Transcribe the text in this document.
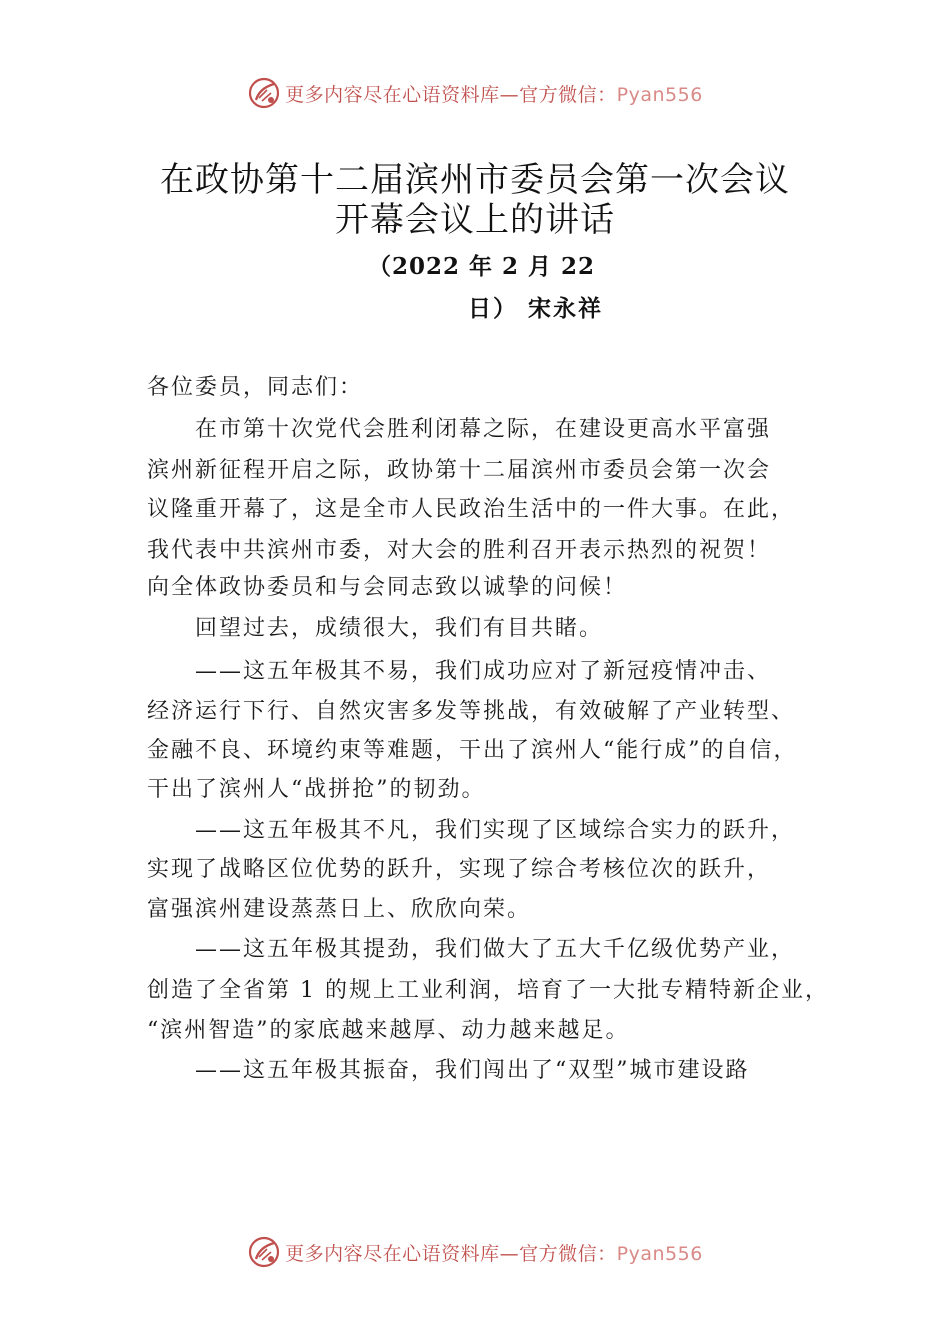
更多内容尽在心语资料库—官方微信：Pyan556
在政协第十二届滨州市委员会第一次会议
开幕会议上的讲话
（2022 年 2 月 22
日） 宋永祥
各位委员，同志们：
　　在市第十次党代会胜利闭幕之际，在建设更高水平富强
滨州新征程开启之际，政协第十二届滨州市委员会第一次会
议隆重开幕了，这是全市人民政治生活中的一件大事。在此，
我代表中共滨州市委，对大会的胜利召开表示热烈的祝贺！
向全体政协委员和与会同志致以诚挚的问候！
　　回望过去，成绩很大，我们有目共睹。
　　——这五年极其不易，我们成功应对了新冠疫情冲击、
经济运行下行、自然灾害多发等挑战，有效破解了产业转型、
金融不良、环境约束等难题，干出了滨州人“能行成”的自信，
干出了滨州人“战拼抢”的韧劲。
　　——这五年极其不凡，我们实现了区域综合实力的跃升，
实现了战略区位优势的跃升，实现了综合考核位次的跃升，
富强滨州建设蒸蒸日上、欣欣向荣。
　　——这五年极其提劲，我们做大了五大千亿级优势产业，
创造了全省第 1 的规上工业利润，培育了一大批专精特新企业，
“滨州智造”的家底越来越厚、动力越来越足。
　　——这五年极其振奋，我们闯出了“双型”城市建设路
更多内容尽在心语资料库—官方微信：Pyan556
